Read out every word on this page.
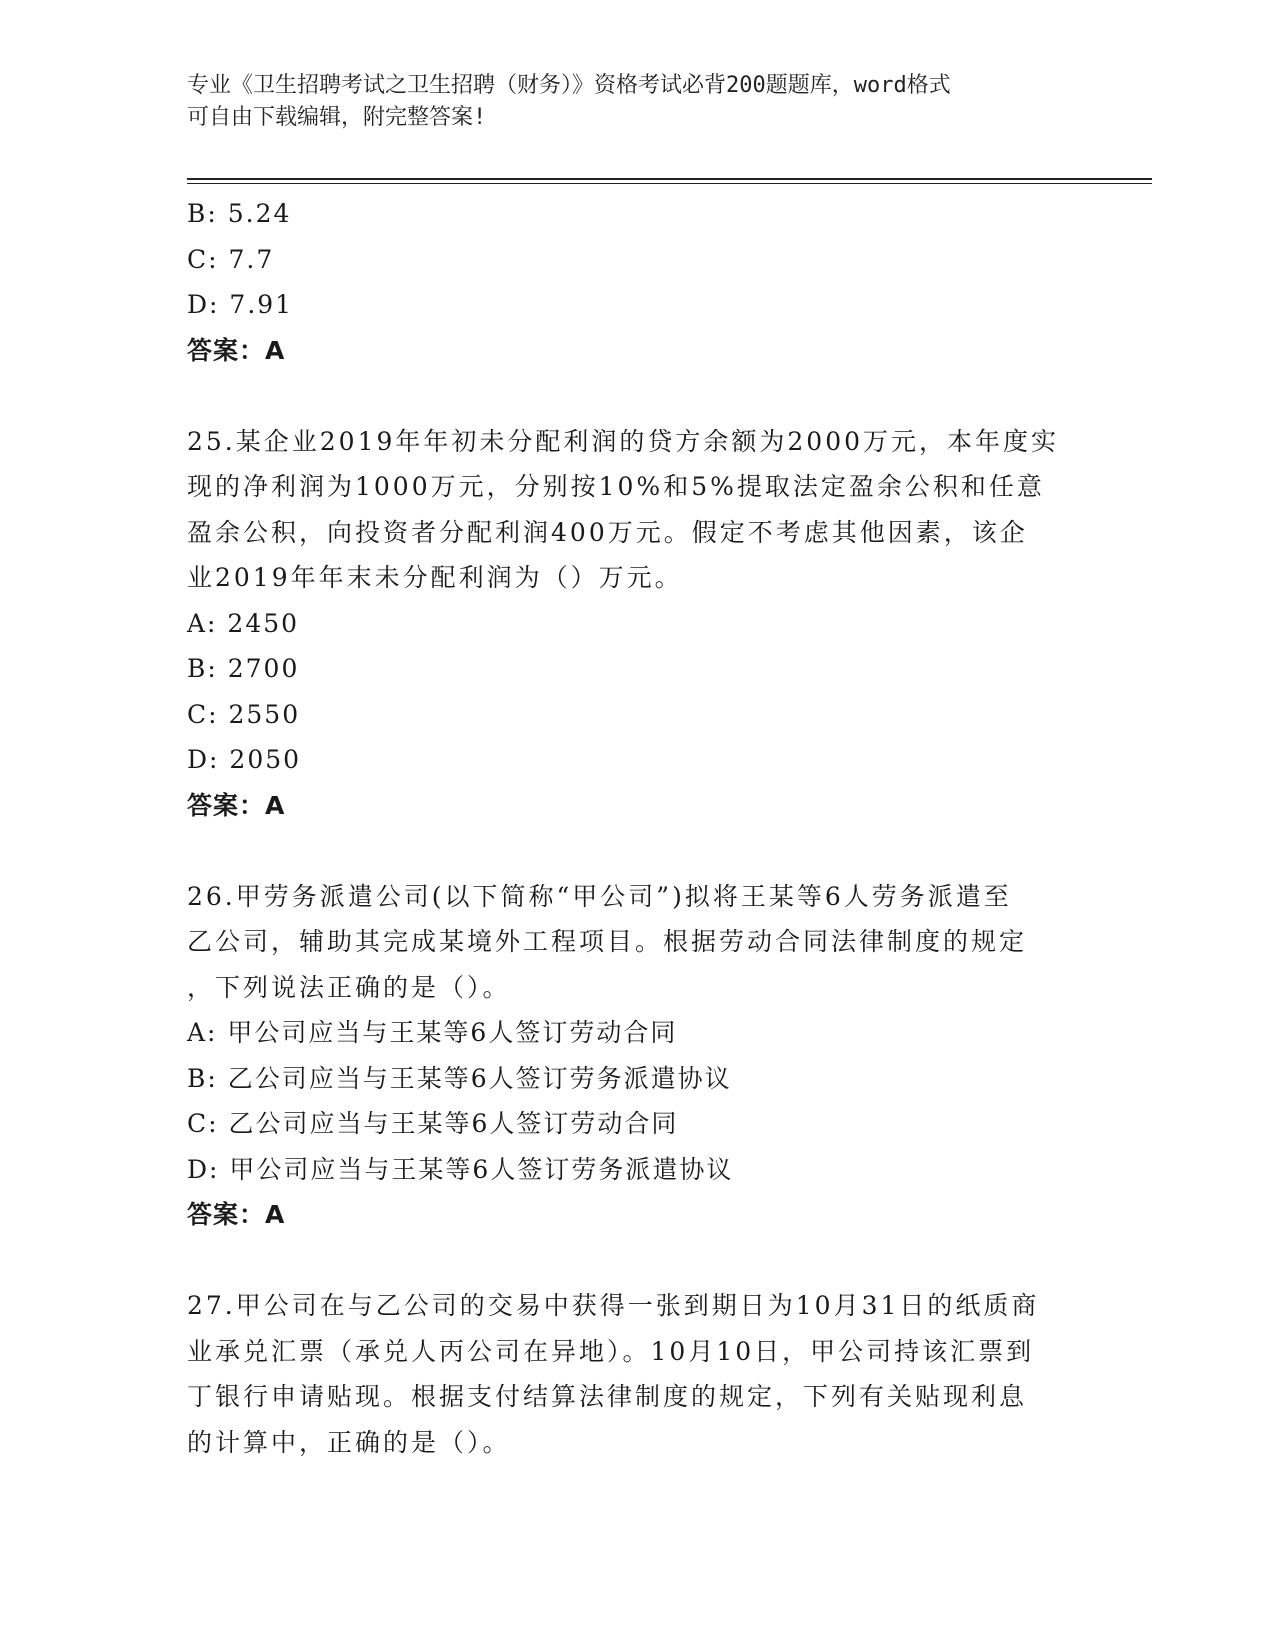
专业《卫生招聘考试之卫生招聘（财务）》资格考试必背200题题库，word格式
可自由下载编辑，附完整答案!
B: 5.24
C: 7.7
D: 7.91
答案：A
25.某企业2019年年初未分配利润的贷方余额为2000万元，本年度实
现的净利润为1000万元，分别按10%和5%提取法定盈余公积和任意
盈余公积，向投资者分配利润400万元。假定不考虑其他因素，该企
业2019年年末未分配利润为（）万元。
A: 2450
B: 2700
C: 2550
D: 2050
答案：A
26.甲劳务派遣公司(以下简称“甲公司”)拟将王某等6人劳务派遣至
乙公司，辅助其完成某境外工程项目。根据劳动合同法律制度的规定
，下列说法正确的是（）。
A: 甲公司应当与王某等6人签订劳动合同
B: 乙公司应当与王某等6人签订劳务派遣协议
C: 乙公司应当与王某等6人签订劳动合同
D: 甲公司应当与王某等6人签订劳务派遣协议
答案：A
27.甲公司在与乙公司的交易中获得一张到期日为10月31日的纸质商
业承兑汇票（承兑人丙公司在异地）。10月10日，甲公司持该汇票到
丁银行申请贴现。根据支付结算法律制度的规定，下列有关贴现利息
的计算中，正确的是（）。
